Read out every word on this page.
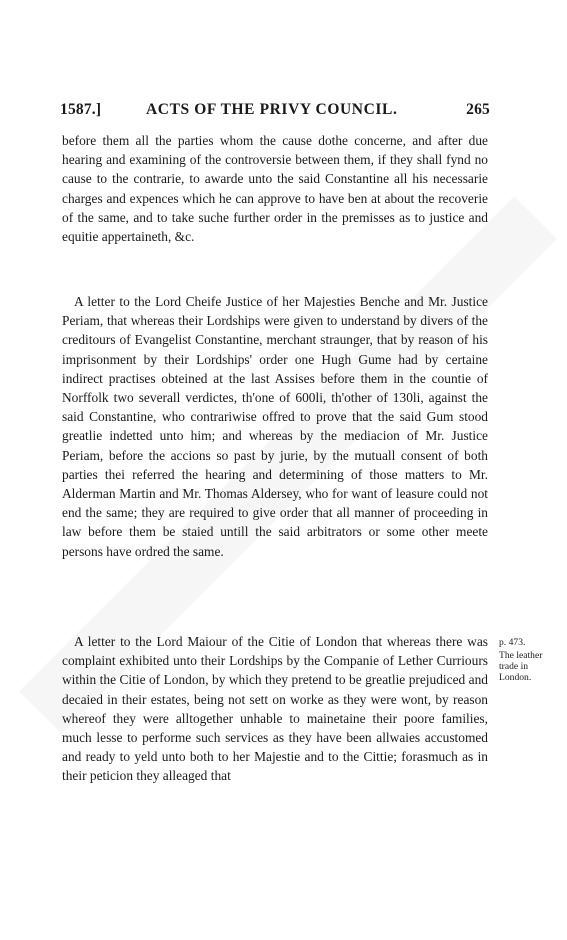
1587.]	ACTS OF THE PRIVY COUNCIL.	265

before them all the parties whom the cause dothe concerne, and after due hearing and examining of the controversie between them, if they shall fynd no cause to the contrarie, to awarde unto the said Constantine all his necessarie charges and expences which he can approve to have ben at about the recoverie of the same, and to take suche further order in the premisses as to justice and equitie appertaineth, &c.

A letter to the Lord Cheife Justice of her Majesties Benche and Mr. Justice Periam, that whereas their Lordships were given to understand by divers of the creditours of Evangelist Constantine, merchant straunger, that by reason of his imprisonment by their Lordships' order one Hugh Gume had by certaine indirect practises obteined at the last Assises before them in the countie of Norffolk two severall verdictes, th'one of 600li, th'other of 130li, against the said Constantine, who contrariwise offred to prove that the said Gum stood greatlie indetted unto him; and whereas by the mediacion of Mr. Justice Periam, before the accions so past by jurie, by the mutuall consent of both parties thei referred the hearing and determining of those matters to Mr. Alderman Martin and Mr. Thomas Aldersey, who for want of leasure could not end the same; they are required to give order that all manner of proceeding in law before them be staied untill the said arbitrators or some other meete persons have ordred the same.

A letter to the Lord Maiour of the Citie of London that whereas there was complaint exhibited unto their Lordships by the Companie of Lether Curriours within the Citie of London, by which they pretend to be greatlie prejudiced and decaied in their estates, being not sett on worke as they were wont, by reason whereof they were alltogether unhable to mainetaine their poore families, much lesse to performe such services as they have been allwaies accustomed and ready to yeld unto both to her Majestie and to the Cittie; forasmuch as in their peticion they alleaged that

p. 473.
The leather
trade in
London.
